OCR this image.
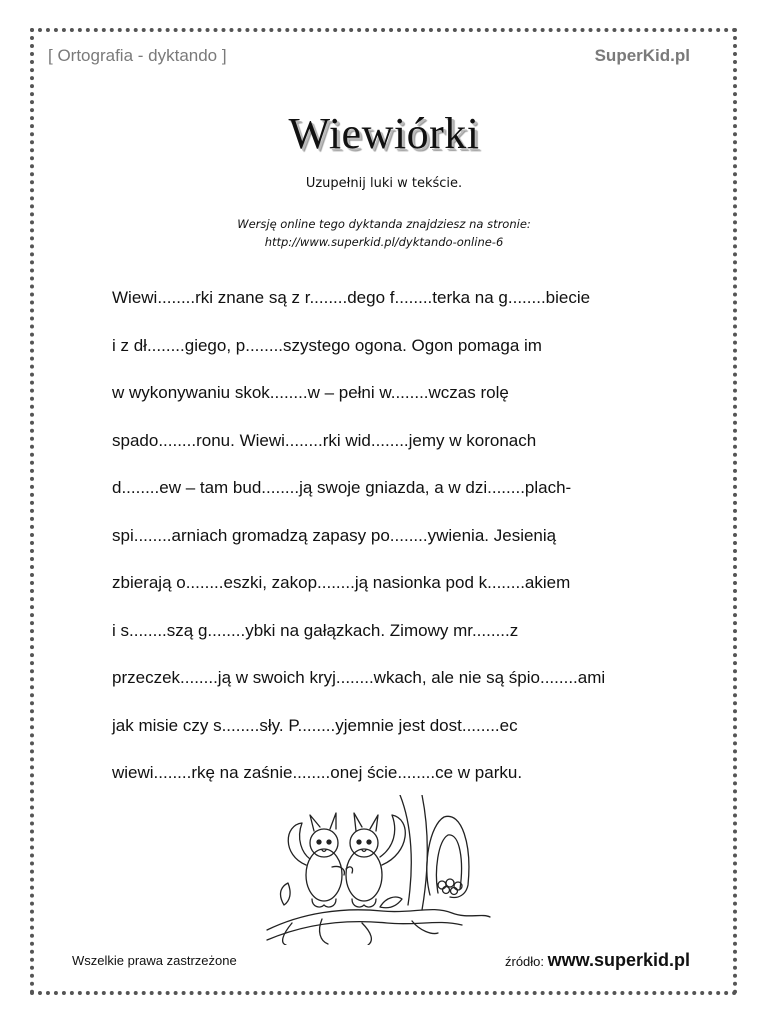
[ Ortografia - dyktando ]	SuperKid.pl
Wiewiórki
Uzupełnij luki w tekście.
Wersję online tego dyktanda znajdziesz na stronie:
http://www.superkid.pl/dyktando-online-6
Wiewi........rki znane są z r........dego f........terka na g........biecie
i z dł........giego, p........szystego ogona. Ogon pomaga im
w wykonywaniu skok........w – pełni w........wczas rolę
spado........ronu. Wiewi........rki wid........jemy w koronach
d........ew – tam bud........ją swoje gniazda, a w dzi........plach-
spi........arniach gromadzą zapasy po........ywienia. Jesienią
zbierają o........eszki, zakop........ją nasionka pod k........akiem
i s........szą g........ybki na gałązkach. Zimowy mr........z
przeczek........ją w swoich kryj........wkach, ale nie są śpio........ami
jak misie czy s........sły. P........yjemnie jest dost........ec
wiewi........rkę na zaśnie........onej ście........ce w parku.
Wszelkie prawa zastrzeżone	źródło: www.superkid.pl
